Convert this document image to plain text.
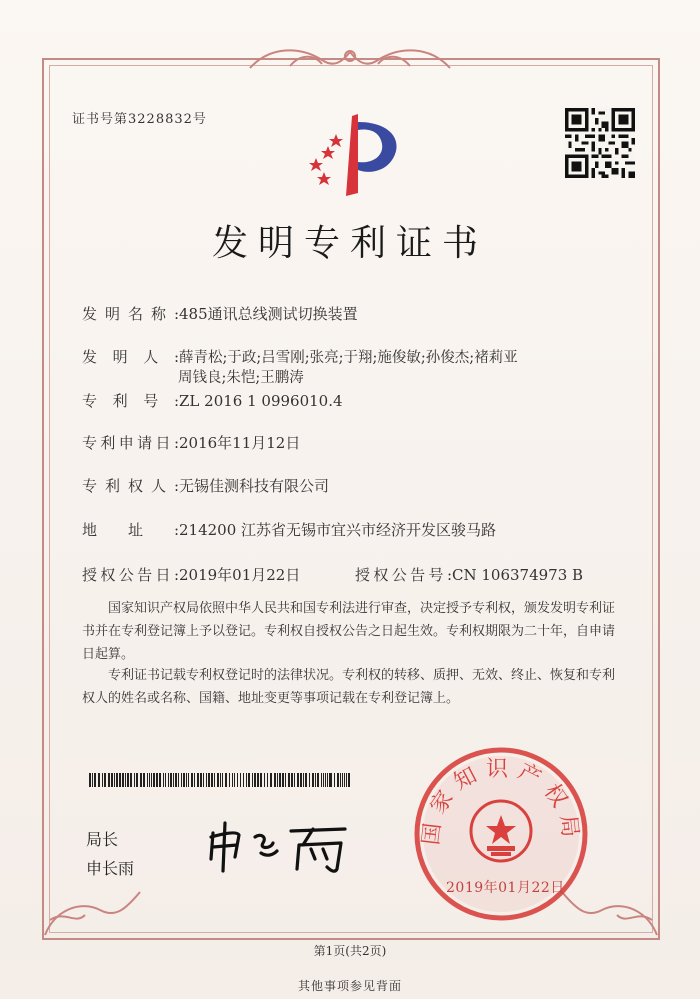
证书号第3228832号
发明专利证书
发明名称:485通讯总线测试切换装置
发明人:薛青松;于政;吕雪刚;张亮;于翔;施俊敏;孙俊杰;褚莉亚
周钱良;朱恺;王鹏涛
专利号:ZL 2016 1 0996010.4
专利申请日:2016年11月12日
专利权人:无锡佳测科技有限公司
地址:214200 江苏省无锡市宜兴市经济开发区骏马路
授权公告日:2019年01月22日	授权公告号:CN 106374973 B
国家知识产权局依照中华人民共和国专利法进行审查，决定授予专利权，颁发发明专利证书并在专利登记簿上予以登记。专利权自授权公告之日起生效。专利权期限为二十年，自申请日起算。
专利证书记载专利权登记时的法律状况。专利权的转移、质押、无效、终止、恢复和专利权人的姓名或名称、国籍、地址变更等事项记载在专利登记簿上。
局长
申长雨
国家知识产权局
2019年01月22日
第1页(共2页)
其他事项参见背面
